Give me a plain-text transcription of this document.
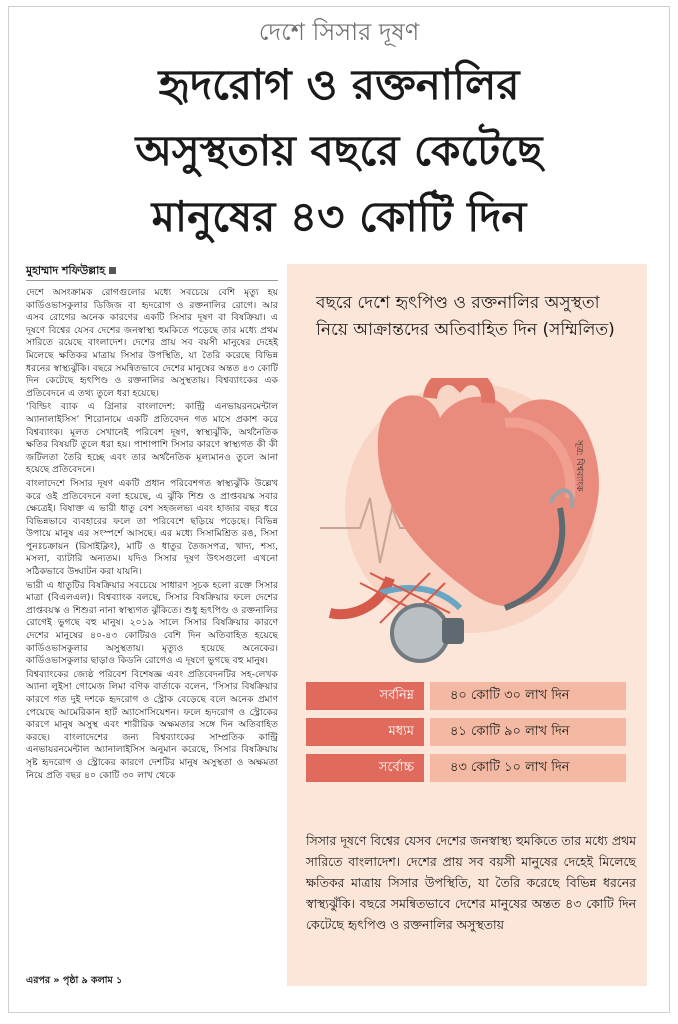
দেশে সিসার দূষণ
হৃদরোগ ও রক্তনালির
অসুস্থতায় বছরে কেটেছে
মানুষের ৪৩ কোটি দিন
মুহাম্মাদ শফিউল্লাহ

দেশে অসংক্রামক রোগগুলোর মধ্যে সবচেয়ে বেশি মৃত্যু হয় কার্ডিওভাসকুলার ডিজিজ বা হৃদরোগ ও রক্তনালির রোগে। আর এসব রোগের অনেক কারণের একটি সিসার দূষণ বা বিষক্রিয়া। এ দূষণে বিশ্বের যেসব দেশের জনস্বাস্থ্য হুমকিতে পড়েছে তার মধ্যে প্রথম সারিতে রয়েছে বাংলাদেশ। দেশের প্রায় সব বয়সী মানুষের দেহেই মিলেছে ক্ষতিকর মাত্রায় সিসার উপস্থিতি, যা তৈরি করেছে বিভিন্ন ধরনের স্বাস্থ্যঝুঁকি। বছরে সমন্বিতভাবে দেশের মানুষের অন্তত ৪৩ কোটি দিন কেটেছে হৃৎপিণ্ড ও রক্তনালির অসুস্থতায়। বিশ্বব্যাংকের এক প্রতিবেদনে এ তথ্য তুলে ধরা হয়েছে।

‘বিল্ডিং ব্যাক এ গ্রিনার বাংলাদেশ: কান্ট্রি এনভায়রনমেন্টাল অ্যানালাইসিস’ শিরোনামে একটি প্রতিবেদন গত মাসে প্রকাশ করে বিশ্বব্যাংক। মূলত সেখানেই পরিবেশ দূষণ, স্বাস্থ্যঝুঁকি, অর্থনৈতিক ক্ষতির বিষয়টি তুলে ধরা হয়। পাশাপাশি সিসার কারণে স্বাস্থ্যগত কী কী জটিলতা তৈরি হচ্ছে এবং তার অর্থনৈতিক মূল্যমানও তুলে আনা হয়েছে প্রতিবেদনে।

বাংলাদেশে সিসার দূষণ একটি প্রধান পরিবেশগত স্বাস্থ্যঝুঁকি উল্লেখ করে ওই প্রতিবেদনে বলা হয়েছে, এ ঝুঁকি শিশু ও প্রাপ্তবয়স্ক সবার ক্ষেত্রেই। বিষাক্ত এ ভারী ধাতু বেশ সহজলভ্য এবং হাজার বছর ধরে বিভিন্নভাবে ব্যবহারের ফলে তা পরিবেশে ছড়িয়ে পড়েছে। বিভিন্ন উপায়ে মানুষ এর সংস্পর্শে আসছে। এর মধ্যে সিসামিশ্রিত রঙ, সিসা পুনঃচক্রায়ন (রিসাইক্লিং), মাটি ও ধাতুর তৈজসপত্র, খাদ্য, শস্য, মসলা, ব্যাটারি অন্যতম। যদিও সিসার দূষণ উৎসগুলো এখনো সঠিকভাবে উদ্ঘাটন করা যায়নি।

ভারী এ ধাতুটির বিষক্রিয়ার সবচেয়ে সাধারণ সূচক হলো রক্তে সিসার মাত্রা (বিএলএল)। বিশ্বব্যাংক বলছে, সিসার বিষক্রিয়ার ফলে দেশের প্রাপ্তবয়স্ক ও শিশুরা নানা স্বাস্থ্যগত ঝুঁকিতে। শুধু হৃৎপিণ্ড ও রক্তনালির রোগেই ভুগছে বহু মানুষ। ২০১৯ সালে সিসার বিষক্রিয়ার কারণে দেশের মানুষের ৪০-৪৩ কোটিরও বেশি দিন অতিবাহিত হয়েছে কার্ডিওভাসকুলার অসুস্থতায়। মৃত্যুও হয়েছে অনেকের। কার্ডিওভাসকুলার ছাড়াও কিডনি রোগেও এ দূষণে ভুগছে বহু মানুষ।

বিশ্বব্যাংকের জ্যেষ্ঠ পরিবেশ বিশেষজ্ঞ এবং প্রতিবেদনটির সহ-লেখক অ্যানা লুইসা গোমেজ লিমা বণিক বার্তাকে বলেন, ‘সিসার বিষক্রিয়ার কারণে গত দুই দশকে হৃদরোগ ও স্ট্রোক বেড়েছে বলে অনেক প্রমাণ পেয়েছে আমেরিকান হার্ট অ্যাসোসিয়েশন। ফলে হৃদরোগ ও স্ট্রোকের কারণে মানুষ অসুস্থ এবং শারীরিক অক্ষমতার সঙ্গে দিন অতিবাহিত করছে। বাংলাদেশের জন্য বিশ্বব্যাংকের সাম্প্রতিক কান্ট্রি এনভায়রনমেন্টাল অ্যানালাইসিস অনুমান করেছে, সিসার বিষক্রিয়ায় সৃষ্ট হৃদরোগ ও স্ট্রোকের কারণে দেশটির মানুষ অসুস্থতা ও অক্ষমতা নিয়ে প্রতি বছর ৪০ কোটি ৩০ লাখ থেকে

এরপর » পৃষ্ঠা ৯ কলাম ১
বছরে দেশে হৃৎপিণ্ড ও রক্তনালির অসুস্থতা নিয়ে আক্রান্তদের অতিবাহিত দিন (সম্মিলিত)
সূত্র: বিশ্বব্যাংক
সর্বনিম্ন	৪০ কোটি ৩০ লাখ দিন
মধ্যম	৪১ কোটি ৯০ লাখ দিন
সর্বোচ্চ	৪৩ কোটি ১০ লাখ দিন
সিসার দূষণে বিশ্বের যেসব দেশের জনস্বাস্থ্য হুমকিতে তার মধ্যে প্রথম সারিতে বাংলাদেশ। দেশের প্রায় সব বয়সী মানুষের দেহেই মিলেছে ক্ষতিকর মাত্রায় সিসার উপস্থিতি, যা তৈরি করেছে বিভিন্ন ধরনের স্বাস্থ্যঝুঁকি। বছরে সমন্বিতভাবে দেশের মানুষের অন্তত ৪৩ কোটি দিন কেটেছে হৃৎপিণ্ড ও রক্তনালির অসুস্থতায়
